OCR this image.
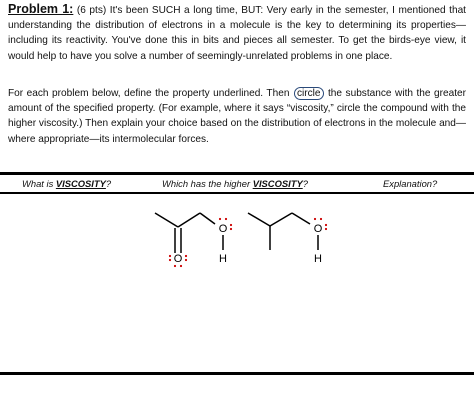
Problem 1: (6 pts) It's been SUCH a long time, BUT: Very early in the semester, I mentioned that understanding the distribution of electrons in a molecule is the key to determining its properties—including its reactivity. You've done this in bits and pieces all semester. To get the birds-eye view, it would help to have you solve a number of seemingly-unrelated problems in one place.

For each problem below, define the property underlined. Then circle the substance with the greater amount of the specified property. (For example, where it says “viscosity,” circle the compound with the higher viscosity.) Then explain your choice based on the distribution of electrons in the molecule and—where appropriate—its intermolecular forces.

What is VISCOSITY?	Which has the higher VISCOSITY?	Explanation?
O
O
H
O
H
